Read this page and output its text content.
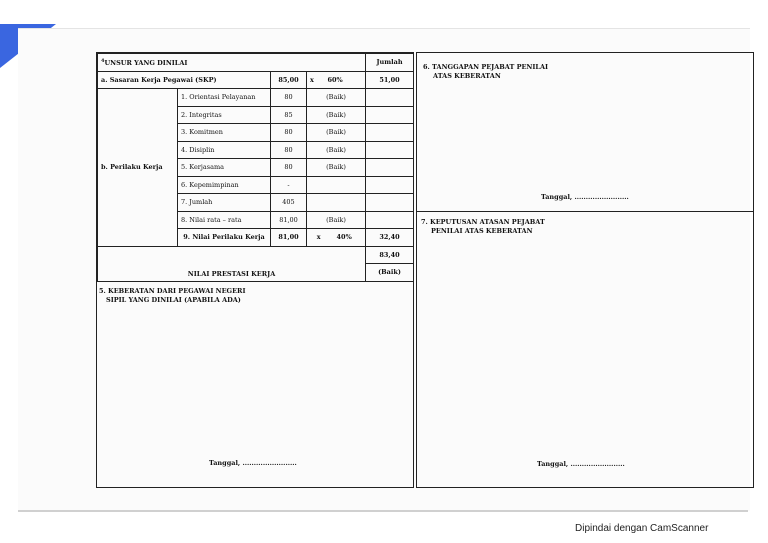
$^4$UNSUR YANG DINILAI				Jumlah
a. Sasaran Kerja Pegawai (SKP)		85,00	x 60%	51,00
b. Perilaku Kerja	1. Orientasi Pelayanan	80	(Baik)	
	2. Integritas	85	(Baik)	
	3. Komitmen	80	(Baik)	
	4. Disiplin	80	(Baik)	
	5. Kerjasama	80	(Baik)	
	6. Kepemimpinan	-		
	7. Jumlah	405		
	8. Nilai rata – rata	81,00	(Baik)	
	9. Nilai Perilaku Kerja	81,00	x 40%	32,40
NILAI PRESTASI KERJA				83,40
				(Baik)
5. KEBERATAN DARI PEGAWAI NEGERI
SIPIL YANG DINILAI (APABILA ADA)
Tanggal, ........................
6. TANGGAPAN PEJABAT PENILAI
ATAS KEBERATAN
Tanggal, ........................
7. KEPUTUSAN ATASAN PEJABAT
PENILAI ATAS KEBERATAN
Tanggal, ........................
Dipindai dengan CamScanner
